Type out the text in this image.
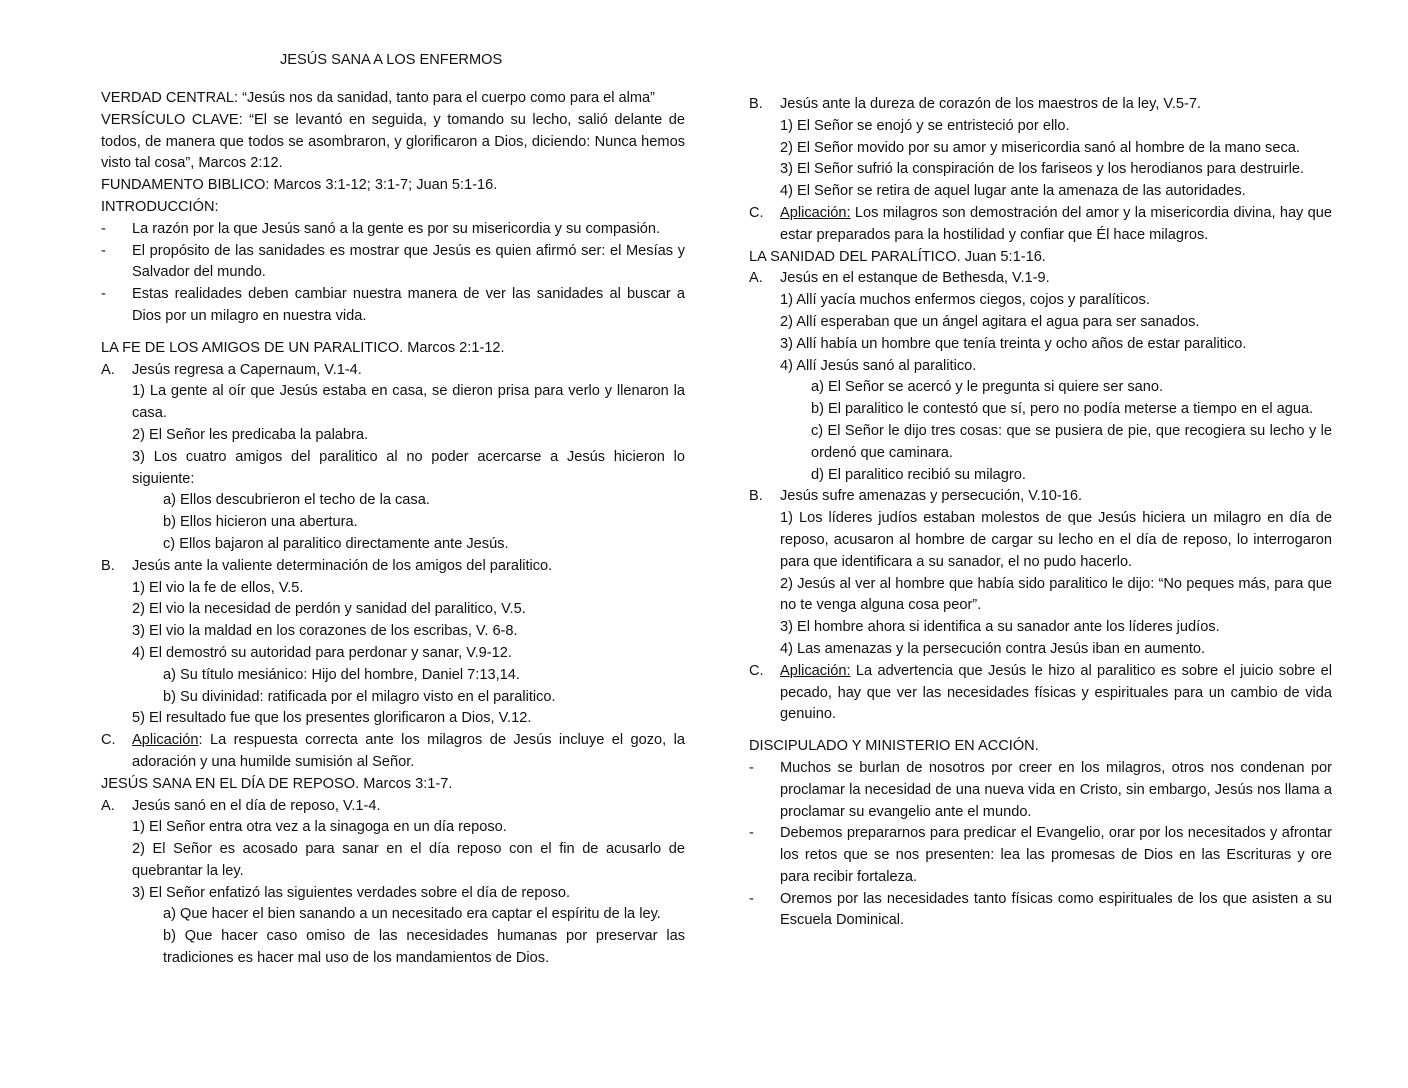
JESÚS SANA A LOS ENFERMOS

VERDAD CENTRAL: “Jesús nos da sanidad, tanto para el cuerpo como para el alma”

VERSÍCULO CLAVE: “El se levantó en seguida, y tomando su lecho, salió delante de todos, de manera que todos se asombraron, y glorificaron a Dios, diciendo: Nunca hemos visto tal cosa”, Marcos 2:12.

FUNDAMENTO BIBLICO: Marcos 3:1-12; 3:1-7; Juan 5:1-16.

INTRODUCCIÓN:

-	La razón por la que Jesús sanó a la gente es por su misericordia y su compasión.
-	El propósito de las sanidades es mostrar que Jesús es quien afirmó ser: el Mesías y Salvador del mundo.
-	Estas realidades deben cambiar nuestra manera de ver las sanidades al buscar a Dios por un milagro en nuestra vida.

LA FE DE LOS AMIGOS DE UN PARALITICO. Marcos 2:1-12.

A.	Jesús regresa a Capernaum, V.1-4.

1) La gente al oír que Jesús estaba en casa, se dieron prisa para verlo y llenaron la casa.

2) El Señor les predicaba la palabra.

3) Los cuatro amigos del paralitico al no poder acercarse a Jesús hicieron lo siguiente:

a) Ellos descubrieron el techo de la casa.

b) Ellos hicieron una abertura.

c) Ellos bajaron al paralitico directamente ante Jesús.

B.	Jesús ante la valiente determinación de los amigos del paralitico.

1) El vio la fe de ellos, V.5.

2) El vio la necesidad de perdón y sanidad del paralitico, V.5.

3) El vio la maldad en los corazones de los escribas, V. 6-8.

4) El demostró su autoridad para perdonar y sanar, V.9-12.

a) Su título mesiánico: Hijo del hombre, Daniel 7:13,14.

b) Su divinidad: ratificada por el milagro visto en el paralitico.

5) El resultado fue que los presentes glorificaron a Dios, V.12.

C.	Aplicación: La respuesta correcta ante los milagros de Jesús incluye el gozo, la adoración y una humilde sumisión al Señor.

JESÚS SANA EN EL DÍA DE REPOSO. Marcos 3:1-7.

A.	Jesús sanó en el día de reposo, V.1-4.

1) El Señor entra otra vez a la sinagoga en un día reposo.

2) El Señor es acosado para sanar en el día reposo con el fin de acusarlo de quebrantar la ley.

3) El Señor enfatizó las siguientes verdades sobre el día de reposo.

a) Que hacer el bien sanando a un necesitado era captar el espíritu de la ley.

b) Que hacer caso omiso de las necesidades humanas por preservar las tradiciones es hacer mal uso de los mandamientos de Dios.

B.	Jesús ante la dureza de corazón de los maestros de la ley, V.5-7.

1) El Señor se enojó y se entristeció por ello.

2) El Señor movido por su amor y misericordia sanó al hombre de la mano seca.

3) El Señor sufrió la conspiración de los fariseos y los herodianos para destruirle.

4) El Señor se retira de aquel lugar ante la amenaza de las autoridades.

C.	Aplicación: Los milagros son demostración del amor y la misericordia divina, hay que estar preparados para la hostilidad y confiar que Él hace milagros.

LA SANIDAD DEL PARALÍTICO. Juan 5:1-16.

A.	Jesús en el estanque de Bethesda, V.1-9.

1) Allí yacía muchos enfermos ciegos, cojos y paralíticos.

2) Allí esperaban que un ángel agitara el agua para ser sanados.

3) Allí había un hombre que tenía treinta y ocho años de estar paralitico.

4) Allí Jesús sanó al paralitico.

a) El Señor se acercó y le pregunta si quiere ser sano.

b) El paralitico le contestó que sí, pero no podía meterse a tiempo en el agua.

c) El Señor le dijo tres cosas: que se pusiera de pie, que recogiera su lecho y le ordenó que caminara.

d) El paralitico recibió su milagro.

B.	Jesús sufre amenazas y persecución, V.10-16.

1) Los líderes judíos estaban molestos de que Jesús hiciera un milagro en día de reposo, acusaron al hombre de cargar su lecho en el día de reposo, lo interrogaron para que identificara a su sanador, el no pudo hacerlo.

2) Jesús al ver al hombre que había sido paralitico le dijo: “No peques más, para que no te venga alguna cosa peor”.

3) El hombre ahora si identifica a su sanador ante los líderes judíos.

4) Las amenazas y la persecución contra Jesús iban en aumento.

C.	Aplicación: La advertencia que Jesús le hizo al paralitico es sobre el juicio sobre el pecado, hay que ver las necesidades físicas y espirituales para un cambio de vida genuino.

DISCIPULADO Y MINISTERIO EN ACCIÓN.

-	Muchos se burlan de nosotros por creer en los milagros, otros nos condenan por proclamar la necesidad de una nueva vida en Cristo, sin embargo, Jesús nos llama a proclamar su evangelio ante el mundo.
-	Debemos prepararnos para predicar el Evangelio, orar por los necesitados y afrontar los retos que se nos presenten: lea las promesas de Dios en las Escrituras y ore para recibir fortaleza.
-	Oremos por las necesidades tanto físicas como espirituales de los que asisten a su Escuela Dominical.
